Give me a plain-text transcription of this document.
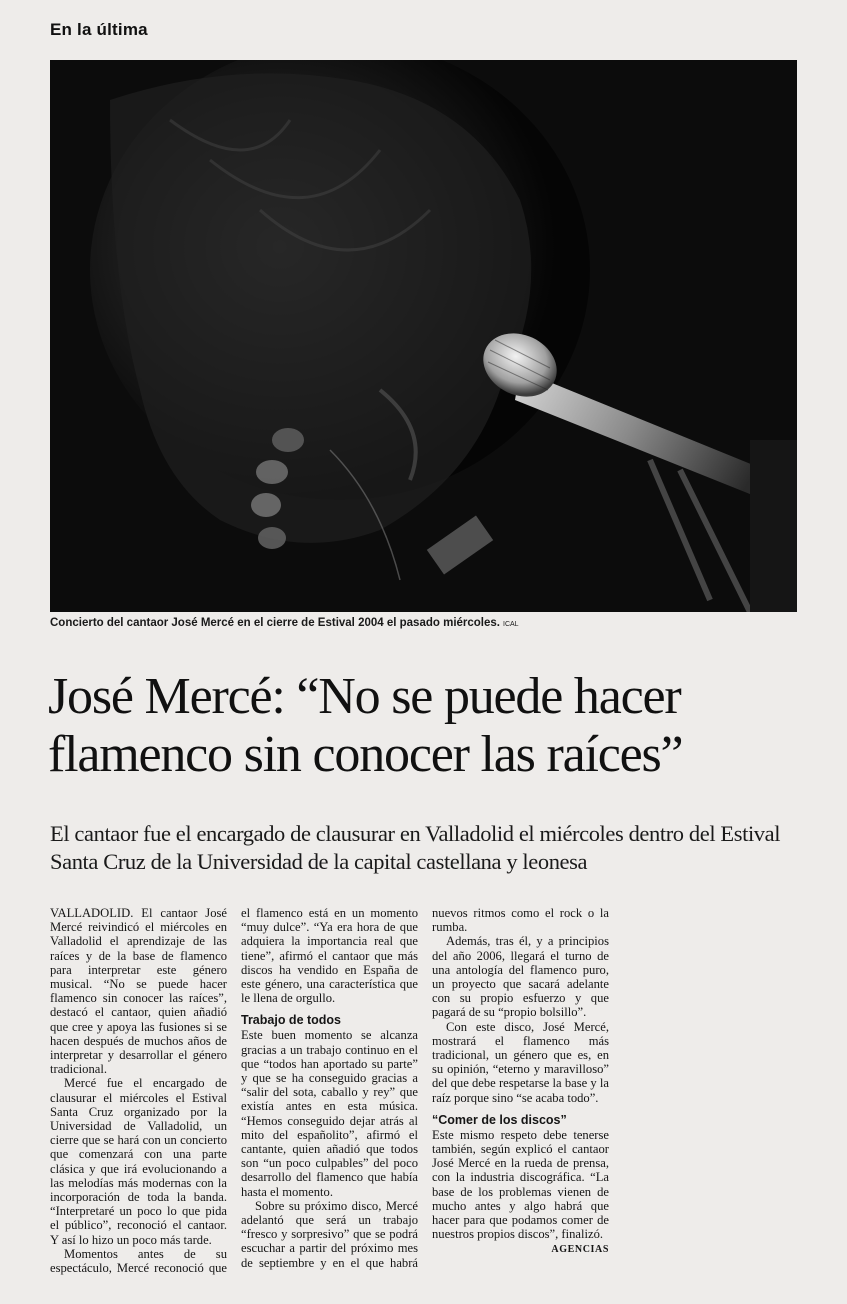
En la última
Concierto del cantaor José Mercé en el cierre de Estival 2004 el pasado miércoles. ICAL
José Mercé: “No se puede hacer flamenco sin conocer las raíces”

El cantaor fue el encargado de clausurar en Valladolid el miércoles dentro del Estival Santa Cruz de la Universidad de la capital castellana y leonesa

VALLADOLID. El cantaor José Mercé reivindicó el miércoles en Valladolid el aprendizaje de las raíces y de la base de flamenco para interpretar este género musical. “No se puede hacer flamenco sin conocer las raíces”, destacó el cantaor, quien añadió que cree y apoya las fusiones si se hacen después de muchos años de interpretar y desarrollar el género tradicional.

Mercé fue el encargado de clausurar el miércoles el Estival Santa Cruz organizado por la Universidad de Valladolid, un cierre que se hará con un concierto que comenzará con una parte clásica y que irá evolucionando a las melodías más modernas con la incorporación de toda la banda. “Interpretaré un poco lo que pida el público”, reconoció el cantaor. Y así lo hizo un poco más tarde.

Momentos antes de su espectáculo, Mercé reconoció que el flamenco está en un momento “muy dulce”. “Ya era hora de que adquiera la importancia real que tiene”, afirmó el cantaor que más discos ha vendido en España de este género, una característica que le llena de orgullo.

Trabajo de todos

Este buen momento se alcanza gracias a un trabajo continuo en el que “todos han aportado su parte” y que se ha conseguido gracias a “salir del sota, caballo y rey” que existía antes en esta música. “Hemos conseguido dejar atrás al mito del españolito”, afirmó el cantante, quien añadió que todos son “un poco culpables” del poco desarrollo del flamenco que había hasta el momento.

Sobre su próximo disco, Mercé adelantó que será un trabajo “fresco y sorpresivo” que se podrá escuchar a partir del próximo mes de septiembre y en el que habrá nuevos ritmos como el rock o la rumba.

Además, tras él, y a principios del año 2006, llegará el turno de una antología del flamenco puro, un proyecto que sacará adelante con su propio esfuerzo y que pagará de su “propio bolsillo”.

Con este disco, José Mercé, mostrará el flamenco más tradicional, un género que es, en su opinión, “eterno y maravilloso” del que debe respetarse la base y la raíz porque sino “se acaba todo”.

“Comer de los discos”

Este mismo respeto debe tenerse también, según explicó el cantaor José Mercé en la rueda de prensa, con la industria discográfica. “La base de los problemas vienen de mucho antes y algo habrá que hacer para que podamos comer de nuestros propios discos”, finalizó.

AGENCIAS
